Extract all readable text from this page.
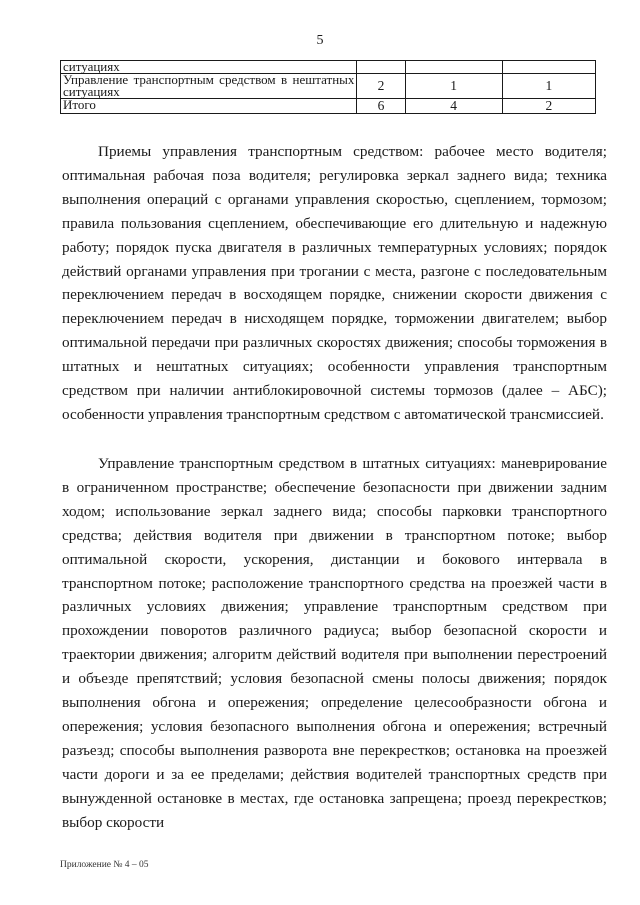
5
ситуациях			

Управление транспортным средством в нештатных
ситуациях	2	1	1
Итого	6	4	2

Приемы управления транспортным средством: рабочее место водителя; оптимальная рабочая поза водителя; регулировка зеркал заднего вида; техника выполнения операций с органами управления скоростью, сцеплением, тормозом; правила пользования сцеплением, обеспечивающие его длительную и надежную работу; порядок пуска двигателя в различных температурных условиях; порядок действий органами управления при трогании с места, разгоне с последовательным переключением передач в восходящем порядке, снижении скорости движения с переключением передач в нисходящем порядке, торможении двигателем; выбор оптимальной передачи при различных скоростях движения; способы торможения в штатных и нештатных ситуациях; особенности управления транспортным средством при наличии антиблокировочной системы тормозов (далее – АБС); особенности управления транспортным средством с автоматической трансмиссией.

Управление транспортным средством в штатных ситуациях: маневрирование в ограниченном пространстве; обеспечение безопасности при движении задним ходом; использование зеркал заднего вида; способы парковки транспортного средства; действия водителя при движении в транспортном потоке; выбор оптимальной скорости, ускорения, дистанции и бокового интервала в транспортном потоке; расположение транспортного средства на проезжей части в различных условиях движения; управление транспортным средством при прохождении поворотов различного радиуса; выбор безопасной скорости и траектории движения; алгоритм действий водителя при выполнении перестроений и объезде препятствий; условия безопасной смены полосы движения; порядок выполнения обгона и опережения; определение целесообразности обгона и опережения; условия безопасного выполнения обгона и опережения; встречный разъезд; способы выполнения разворота вне перекрестков; остановка на проезжей части дороги и за ее пределами; действия водителей транспортных средств при вынужденной остановке в местах, где остановка запрещена; проезд перекрестков; выбор скорости

Приложение № 4 – 05
